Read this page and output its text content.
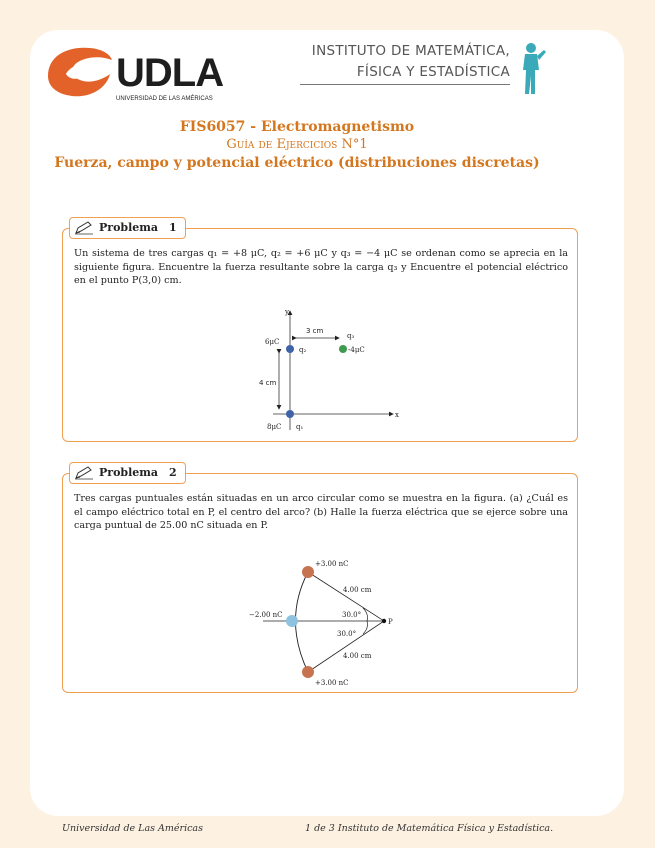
UDLA
UNIVERSIDAD DE LAS AMÉRICAS
INSTITUTO DE MATEMÁTICA,
FÍSICA Y ESTADÍSTICA
FIS6057 - Electromagnetismo
Guía de Ejercicios N°1
Fuerza, campo y potencial eléctrico (distribuciones discretas)
Problema 1
Un sistema de tres cargas q₁ = +8 μC, q₂ = +6 μC y q₃ = −4 μC se ordenan como se aprecia en la siguiente figura. Encuentre la fuerza resultante sobre la carga q₃ y Encuentre el potencial eléctrico en el punto P(3,0) cm.
y
x
3 cm
4 cm
6μC
q₂
q₃
-4μC
8μC q₁
Problema 2
Tres cargas puntuales están situadas en un arco circular como se muestra en la figura. (a) ¿Cuál es el campo eléctrico total en P, el centro del arco? (b) Halle la fuerza eléctrica que se ejerce sobre una carga puntual de 25.00 nC situada en P.
+3.00 nC
−2.00 nC
+3.00 nC
4.00 cm
4.00 cm
30.0°
30.0°
P
Universidad de Las Américas	1 de 3 Instituto de Matemática Física y Estadística.
